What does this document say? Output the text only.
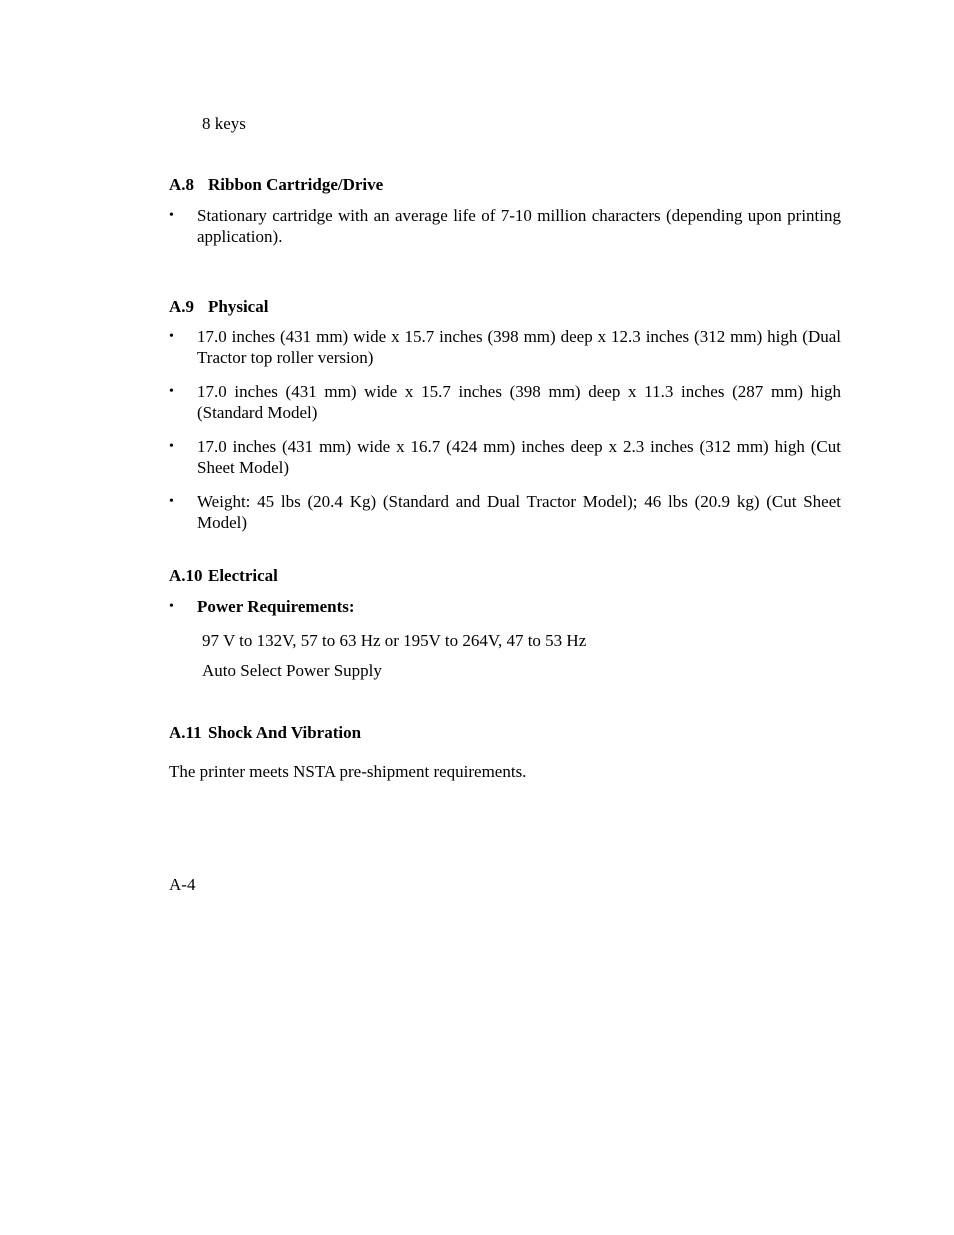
8 keys
A.8 Ribbon Cartridge/Drive
•	Stationary cartridge with an average life of 7-10 million characters (depending upon printing application).
A.9 Physical
•	17.0 inches (431 mm) wide x 15.7 inches (398 mm) deep x 12.3 inches (312 mm) high (Dual Tractor top roller version)
•	17.0 inches (431 mm) wide x 15.7 inches (398 mm) deep x 11.3 inches (287 mm) high (Standard Model)
•	17.0 inches (431 mm) wide x 16.7 (424 mm) inches deep x 2.3 inches (312 mm) high (Cut Sheet Model)
•	Weight: 45 lbs (20.4 Kg) (Standard and Dual Tractor Model); 46 lbs (20.9 kg) (Cut Sheet Model)
A.10 Electrical
•	Power Requirements:
97 V to 132V, 57 to 63 Hz or 195V to 264V, 47 to 53 Hz
Auto Select Power Supply
A.11 Shock And Vibration
The printer meets NSTA pre-shipment requirements.
A-4
